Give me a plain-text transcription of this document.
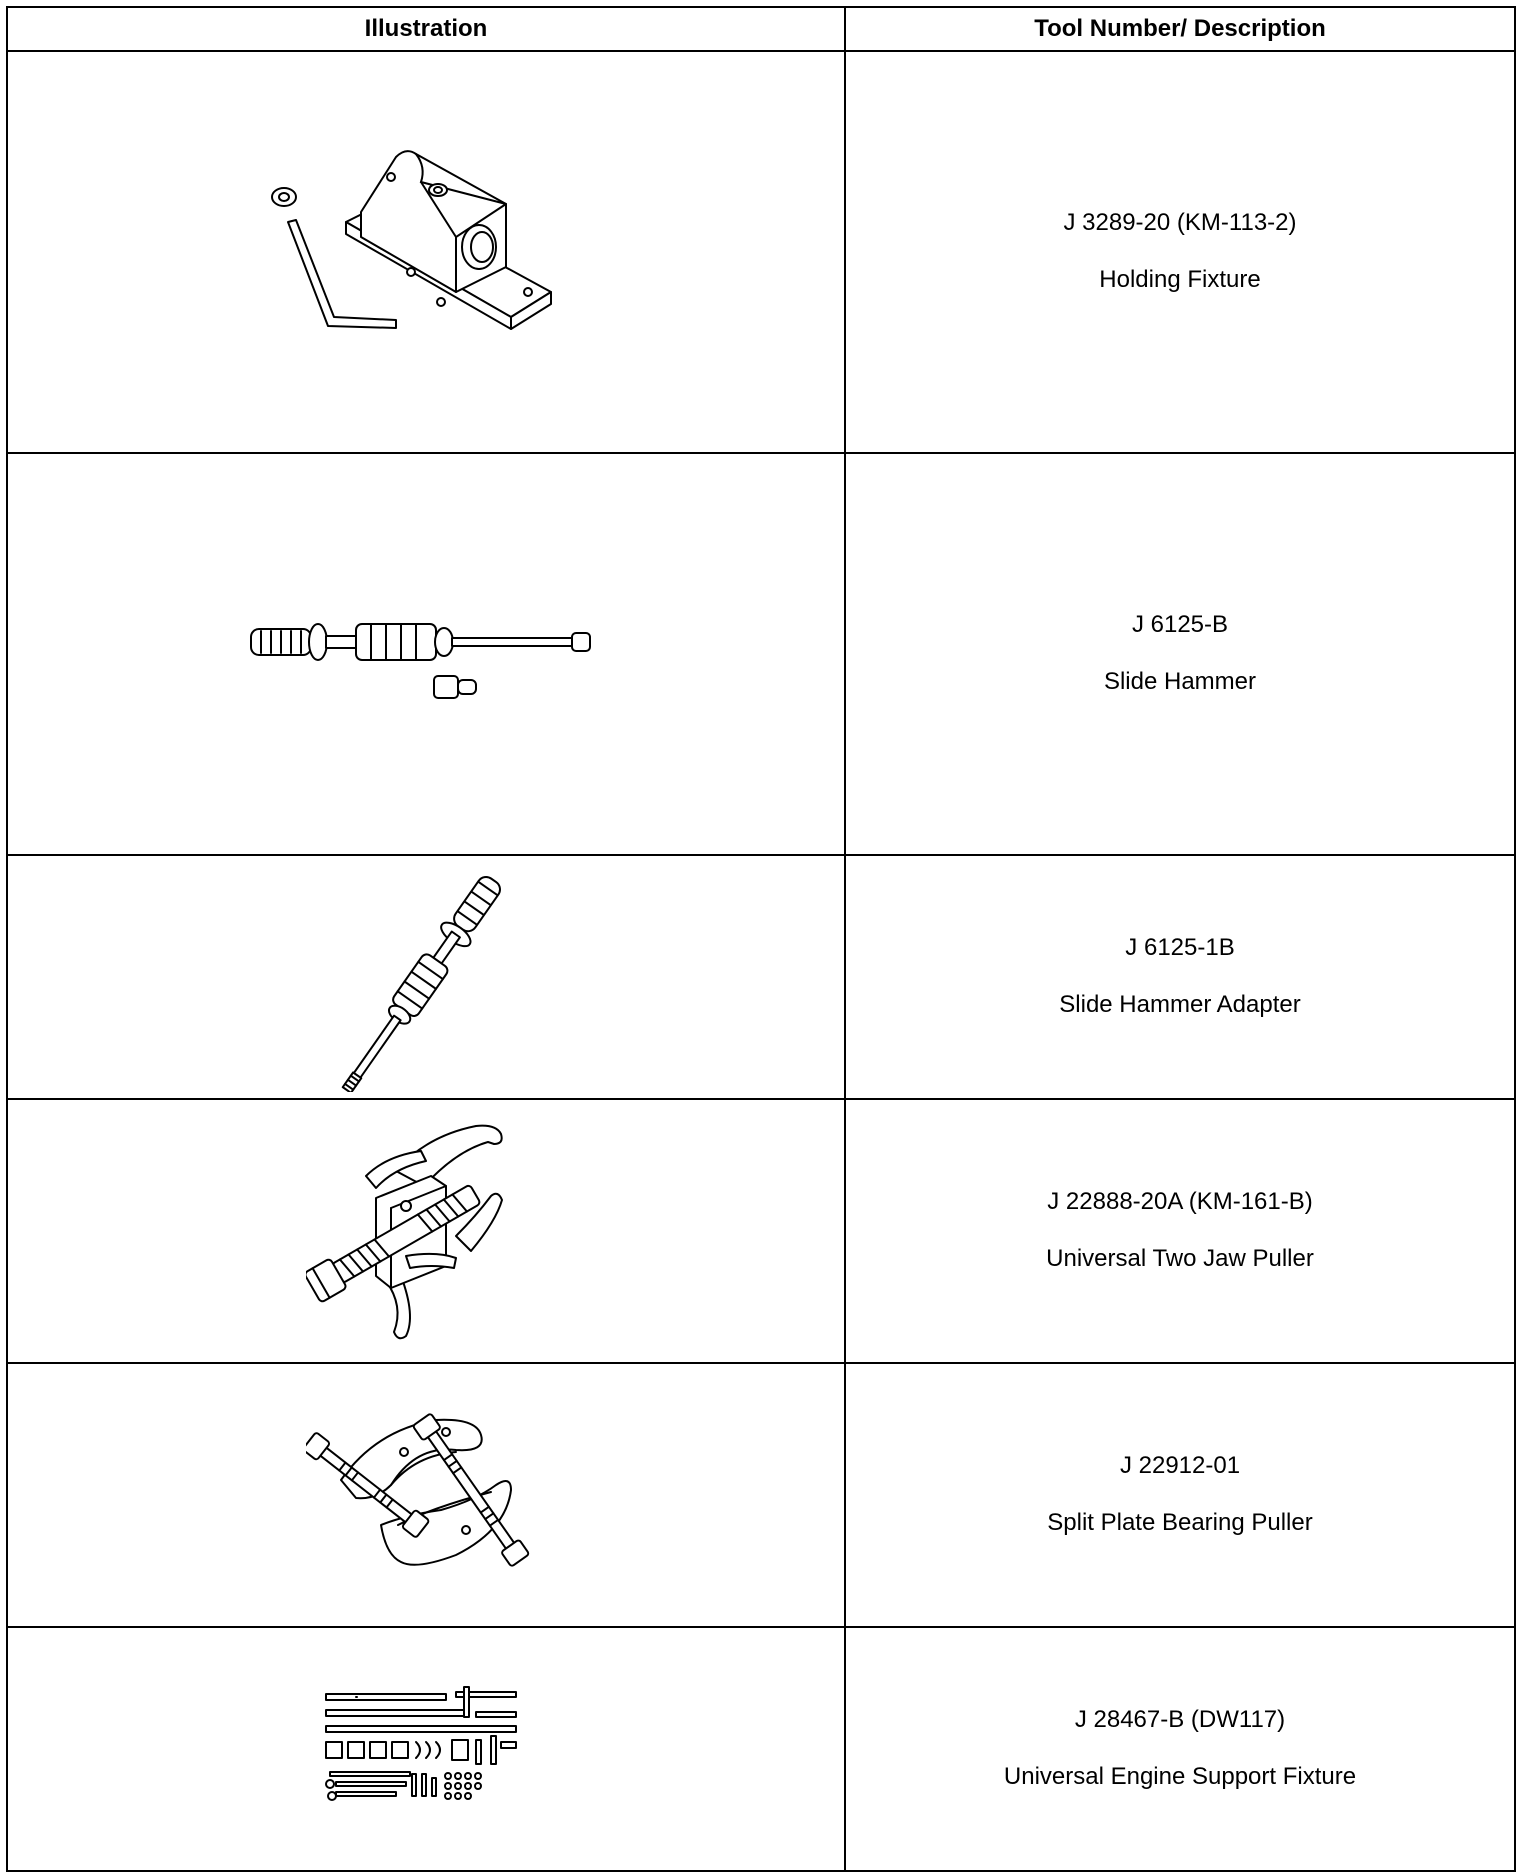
Illustration	Tool Number/ Description

J 3289-20 (KM-113-2)
Holding Fixture

J 6125-B
Slide Hammer

J 6125-1B
Slide Hammer Adapter

J 22888-20A (KM-161-B)
Universal Two Jaw Puller

J 22912-01
Split Plate Bearing Puller

J 28467-B (DW117)
Universal Engine Support Fixture
